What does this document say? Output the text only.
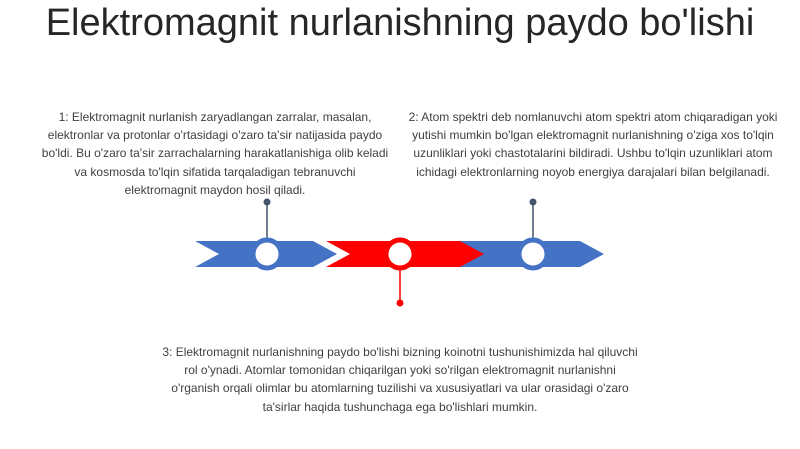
Elektromagnit nurlanishning paydo bo'lishi
1: Elektromagnit nurlanish zaryadlangan zarralar, masalan, elektronlar va protonlar o'rtasidagi o'zaro ta'sir natijasida paydo bo'ldi. Bu o'zaro ta'sir zarrachalarning harakatlanishiga olib keladi va kosmosda to'lqin sifatida tarqaladigan tebranuvchi elektromagnit maydon hosil qiladi.
2: Atom spektri deb nomlanuvchi atom spektri atom chiqaradigan yoki yutishi mumkin bo'lgan elektromagnit nurlanishning o'ziga xos to'lqin uzunliklari yoki chastotalarini bildiradi. Ushbu to'lqin uzunliklari atom ichidagi elektronlarning noyob energiya darajalari bilan belgilanadi.
3: Elektromagnit nurlanishning paydo bo'lishi bizning koinotni tushunishimizda hal qiluvchi rol o'ynadi. Atomlar tomonidan chiqarilgan yoki so'rilgan elektromagnit nurlanishni o'rganish orqali olimlar bu atomlarning tuzilishi va xususiyatlari va ular orasidagi o'zaro ta'sirlar haqida tushunchaga ega bo'lishlari mumkin.
